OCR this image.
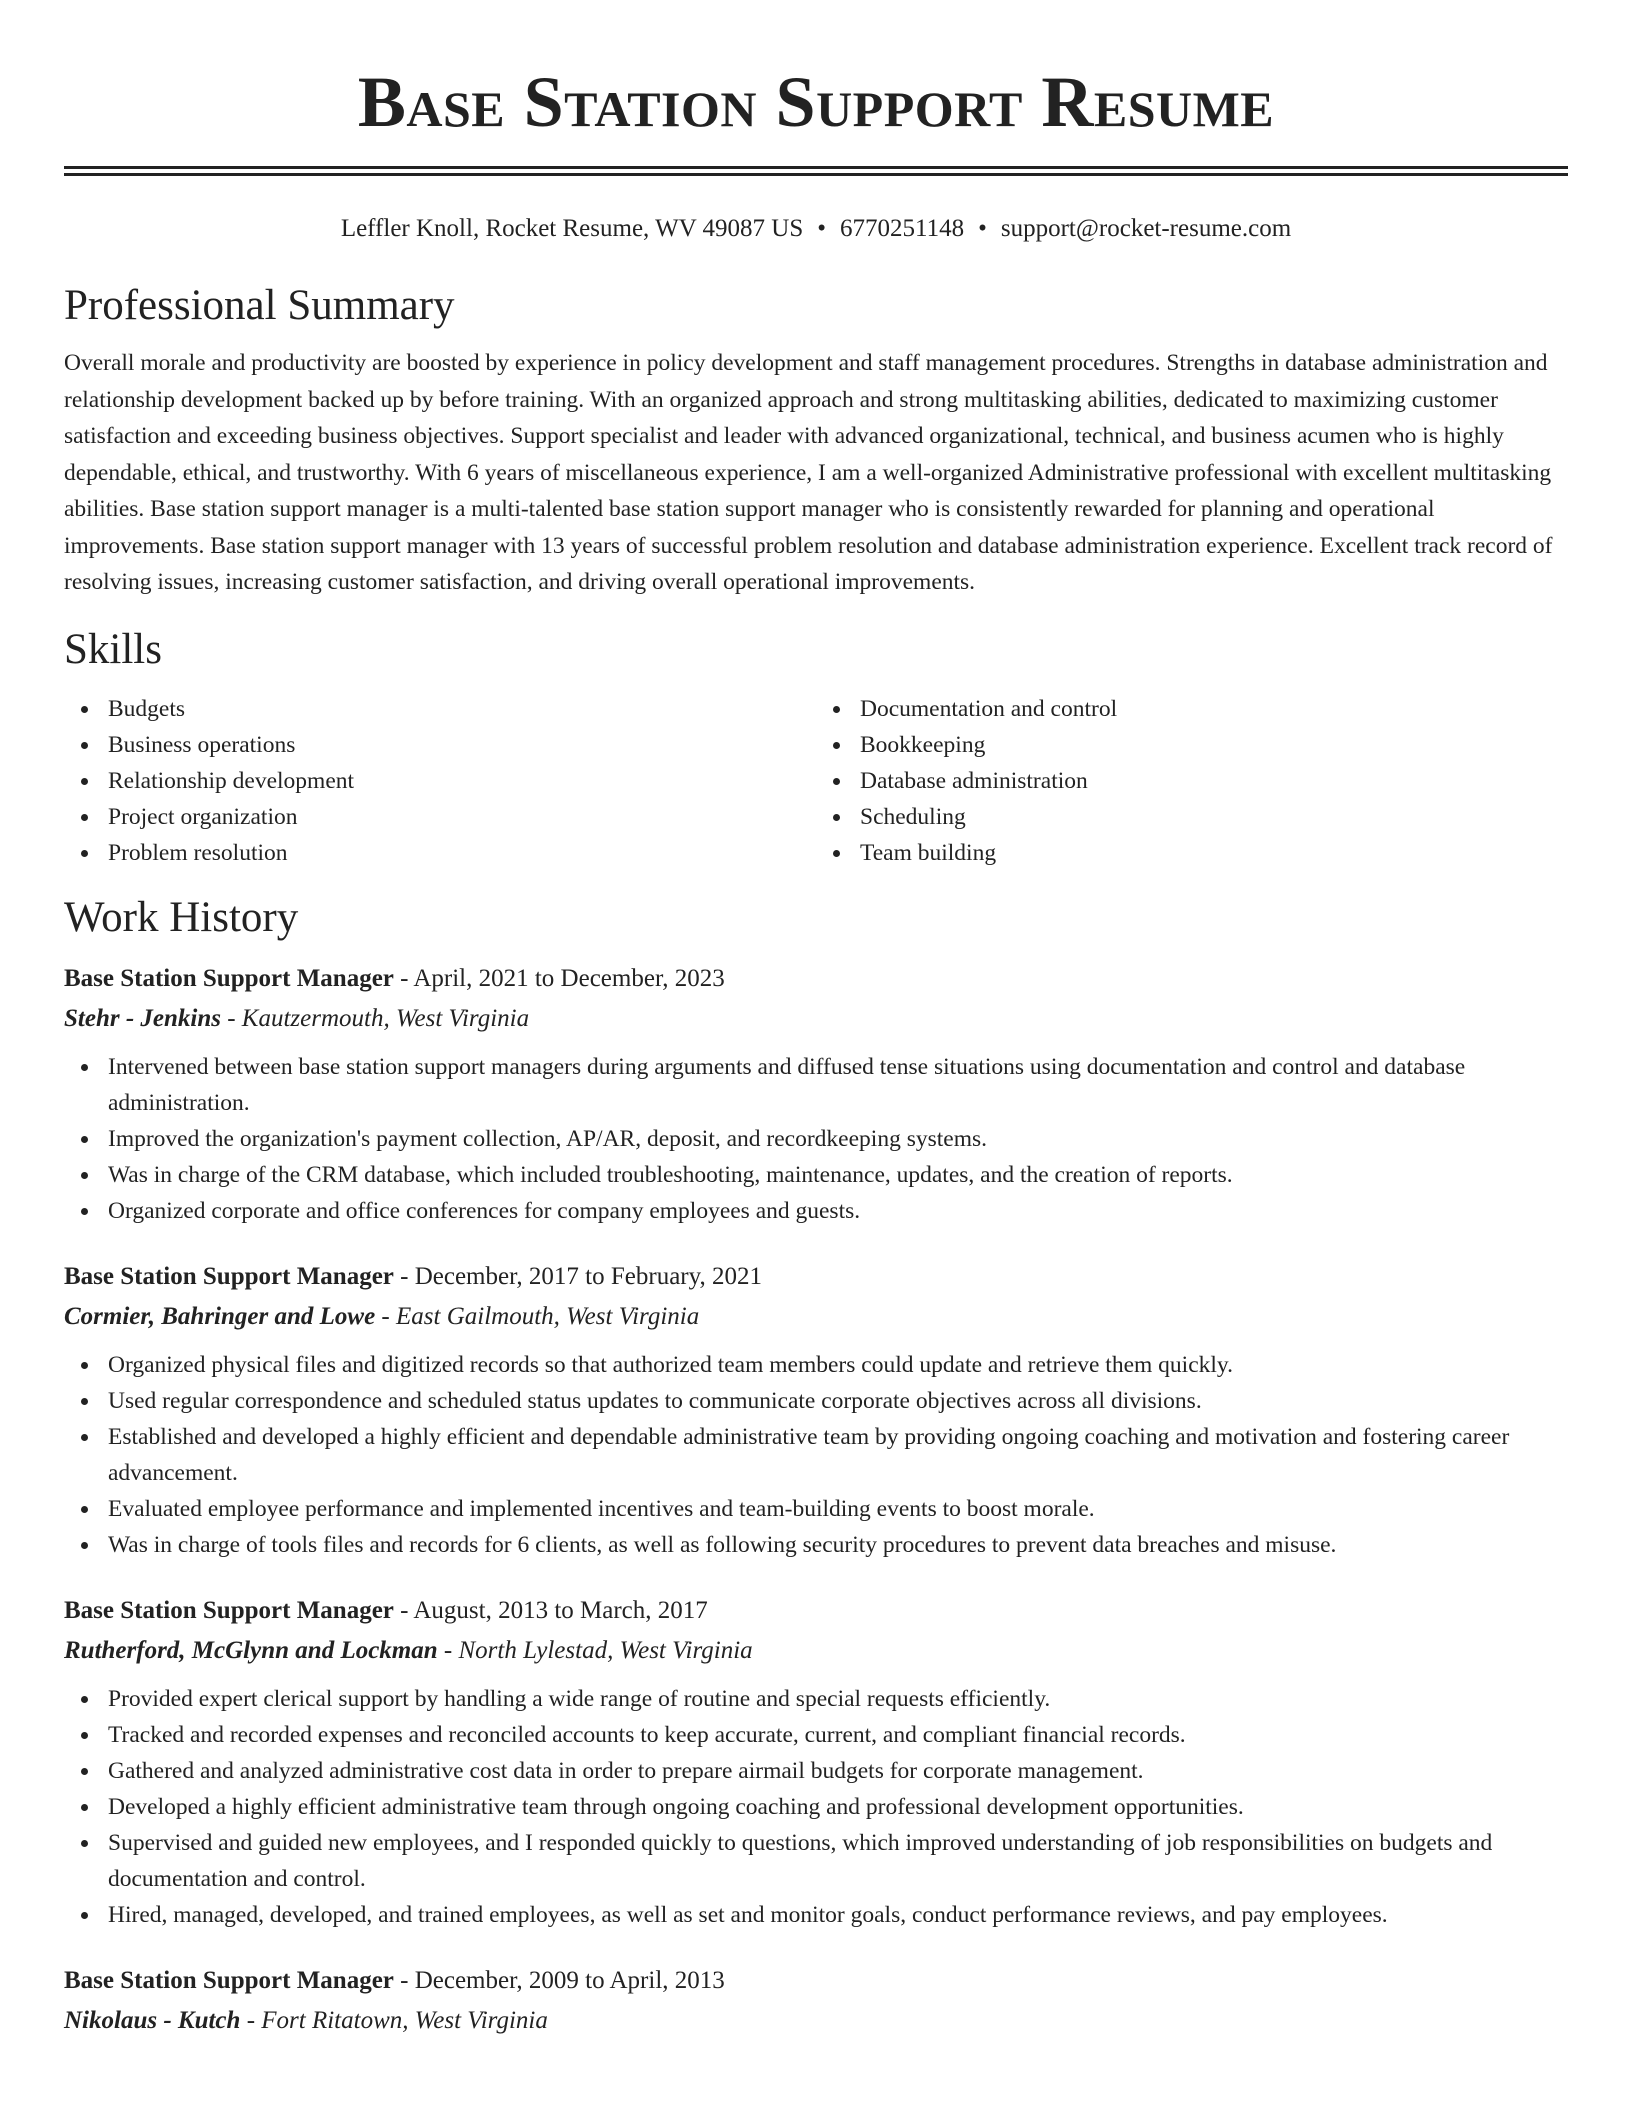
Base Station Support Resume
Leffler Knoll, Rocket Resume, WV 49087 US • 6770251148 • support@rocket-resume.com
Professional Summary

Overall morale and productivity are boosted by experience in policy development and staff management procedures. Strengths in database administration and relationship development backed up by before training. With an organized approach and strong multitasking abilities, dedicated to maximizing customer satisfaction and exceeding business objectives. Support specialist and leader with advanced organizational, technical, and business acumen who is highly dependable, ethical, and trustworthy. With 6 years of miscellaneous experience, I am a well-organized Administrative professional with excellent multitasking abilities. Base station support manager is a multi-talented base station support manager who is consistently rewarded for planning and operational improvements. Base station support manager with 13 years of successful problem resolution and database administration experience. Excellent track record of resolving issues, increasing customer satisfaction, and driving overall operational improvements.

Skills
Budgets
Business operations
Relationship development
Project organization
Problem resolution
Documentation and control
Bookkeeping
Database administration
Scheduling
Team building
Work History
Base Station Support Manager - April, 2021 to December, 2023
Stehr - Jenkins - Kautzermouth, West Virginia
Intervened between base station support managers during arguments and diffused tense situations using documentation and control and database administration.
Improved the organization's payment collection, AP/AR, deposit, and recordkeeping systems.
Was in charge of the CRM database, which included troubleshooting, maintenance, updates, and the creation of reports.
Organized corporate and office conferences for company employees and guests.
Base Station Support Manager - December, 2017 to February, 2021
Cormier, Bahringer and Lowe - East Gailmouth, West Virginia
Organized physical files and digitized records so that authorized team members could update and retrieve them quickly.
Used regular correspondence and scheduled status updates to communicate corporate objectives across all divisions.
Established and developed a highly efficient and dependable administrative team by providing ongoing coaching and motivation and fostering career advancement.
Evaluated employee performance and implemented incentives and team-building events to boost morale.
Was in charge of tools files and records for 6 clients, as well as following security procedures to prevent data breaches and misuse.
Base Station Support Manager - August, 2013 to March, 2017
Rutherford, McGlynn and Lockman - North Lylestad, West Virginia
Provided expert clerical support by handling a wide range of routine and special requests efficiently.
Tracked and recorded expenses and reconciled accounts to keep accurate, current, and compliant financial records.
Gathered and analyzed administrative cost data in order to prepare airmail budgets for corporate management.
Developed a highly efficient administrative team through ongoing coaching and professional development opportunities.
Supervised and guided new employees, and I responded quickly to questions, which improved understanding of job responsibilities on budgets and documentation and control.
Hired, managed, developed, and trained employees, as well as set and monitor goals, conduct performance reviews, and pay employees.
Base Station Support Manager - December, 2009 to April, 2013
Nikolaus - Kutch - Fort Ritatown, West Virginia
